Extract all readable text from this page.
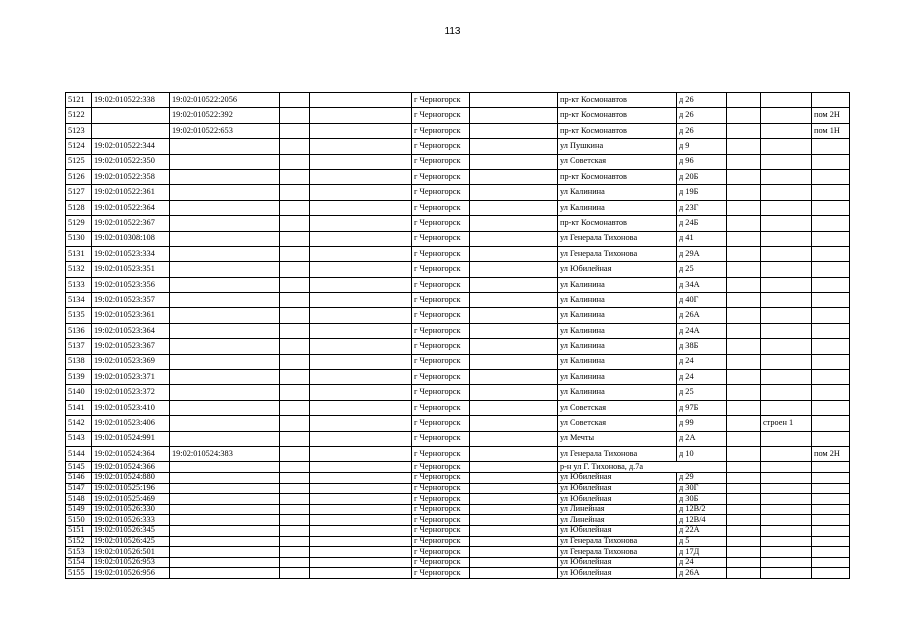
113
5121	19:02:010522:338	19:02:010522:2056			г Черногорск		пр-кт Космонавтов	д 26			
5122		19:02:010522:392			г Черногорск		пр-кт Космонавтов	д 26			пом 2Н
5123		19:02:010522:653			г Черногорск		пр-кт Космонавтов	д 26			пом 1Н
5124	19:02:010522:344				г Черногорск		ул Пушкина	д 9			
5125	19:02:010522:350				г Черногорск		ул Советская	д 96			
5126	19:02:010522:358				г Черногорск		пр-кт Космонавтов	д 20Б			
5127	19:02:010522:361				г Черногорск		ул Калинина	д 19Б			
5128	19:02:010522:364				г Черногорск		ул Калинина	д 23Г			
5129	19:02:010522:367				г Черногорск		пр-кт Космонавтов	д 24Б			
5130	19:02:010308:108				г Черногорск		ул Генерала Тихонова	д 41			
5131	19:02:010523:334				г Черногорск		ул Генерала Тихонова	д 29А			
5132	19:02:010523:351				г Черногорск		ул Юбилейная	д 25			
5133	19:02:010523:356				г Черногорск		ул Калинина	д 34А			
5134	19:02:010523:357				г Черногорск		ул Калинина	д 40Г			
5135	19:02:010523:361				г Черногорск		ул Калинина	д 26А			
5136	19:02:010523:364				г Черногорск		ул Калинина	д 24А			
5137	19:02:010523:367				г Черногорск		ул Калинина	д 38Б			
5138	19:02:010523:369				г Черногорск		ул Калинина	д 24			
5139	19:02:010523:371				г Черногорск		ул Калинина	д 24			
5140	19:02:010523:372				г Черногорск		ул Калинина	д 25			
5141	19:02:010523:410				г Черногорск		ул Советская	д 97Б			
5142	19:02:010523:406				г Черногорск		ул Советская	д 99		строен 1	
5143	19:02:010524:991				г Черногорск		ул Мечты	д 2А			
5144	19:02:010524:364	19:02:010524:383			г Черногорск		ул Генерала Тихонова	д 10			пом 2Н
5145	19:02:010524:366				г Черногорск		р-н ул Г. Тихонова, д.7а				
5146	19:02:010524:880				г Черногорск		ул Юбилейная	д 29			
5147	19:02:010525:196				г Черногорск		ул Юбилейная	д 30Г			
5148	19:02:010525:469				г Черногорск		ул Юбилейная	д 30Б			
5149	19:02:010526:330				г Черногорск		ул Линейная	д 12В/2			
5150	19:02:010526:333				г Черногорск		ул Линейная	д 12В/4			
5151	19:02:010526:345				г Черногорск		ул Юбилейная	д 22А			
5152	19:02:010526:425				г Черногорск		ул Генерала Тихонова	д 5			
5153	19:02:010526:501				г Черногорск		ул Генерала Тихонова	д 17Д			
5154	19:02:010526:953				г Черногорск		ул Юбилейная	д 24			
5155	19:02:010526:956				г Черногорск		ул Юбилейная	д 26А			
